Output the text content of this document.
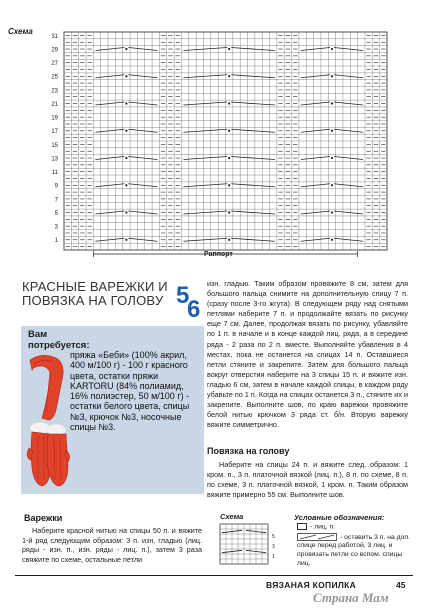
Схема
31
29
27
25
23
21
19
17
15
13
11
9
7
5
3
1
Раппорт
КРАСНЫЕ ВАРЕЖКИ И ПОВЯЗКА НА ГОЛОВУ 5
6
Вам потребуется:
пряжа «Беби» (100% акрил, 400 м/100 г) - 100 г красного цвета, остатки пряжи KARTORU (84% полиамид, 16% полиэстер, 50 м/100 г) - остатки белого цвета, спицы №3, крючок №3, носочные спицы №3.
Варежки
Наберите красной нитью на спицы 50 п. и вяжите 1-й ряд следующим образом: 3 п. изн. гладью (лиц. ряды - изн. п., изн. ряды - лиц. п.), затем 3 раза свяжите по схеме, остальные петли
изн. гладью. Таким образом провяжите 8 см, затем для большого пальца снимите на дополнительную спицу 7 п. (сразу после 3-го жгута). В следующем ряду над снятыми петлями наберите 7 п. и продолжайте вязать по рисунку еще 7 см. Далее, продолжая вязать по рисунку, убавляйте по 1 п. в начале и в конце каждой лиц. ряда, а в середине ряда - 2 раза по 2 п. вместе. Выполняйте убавления в 4 местах, пока не останется на спицах 14 п. Оставшиеся петли стяните и закрепите. Затем для большого пальца вокруг отверстия наберите на 3 спицы 15 п. и вяжите изн. гладью 6 см, затем в начале каждой спицы, в каждом ряду убавьте по 1 п. Когда на спицах останется 3 п., стяните их и закрепите. Выполните шов, по краю варежки провяжите белой нитью крючком 3 ряда ст. б/н. Вторую варежку вяжите симметрично.
Повязка на голову
Наберите на спицы 24 п. и вяжите след. образом: 1 кром. п., 3 п. платочной вязкой (лиц. п.), 8 п. по схеме, 8 п. по схеме, 3 п. платочной вязкой, 1 кром. п. Таким образом вяжите примерно 55 см. Выполните шов.
Схема
5
3
1
Условные обозначения:
- лиц. п.
- оставить 3 п. на доп. спице перед работой, 3 лиц. и провязать петли со вспом. спицы лиц.
ВЯЗАНАЯ КОПИЛКА	45
Страна Мам
